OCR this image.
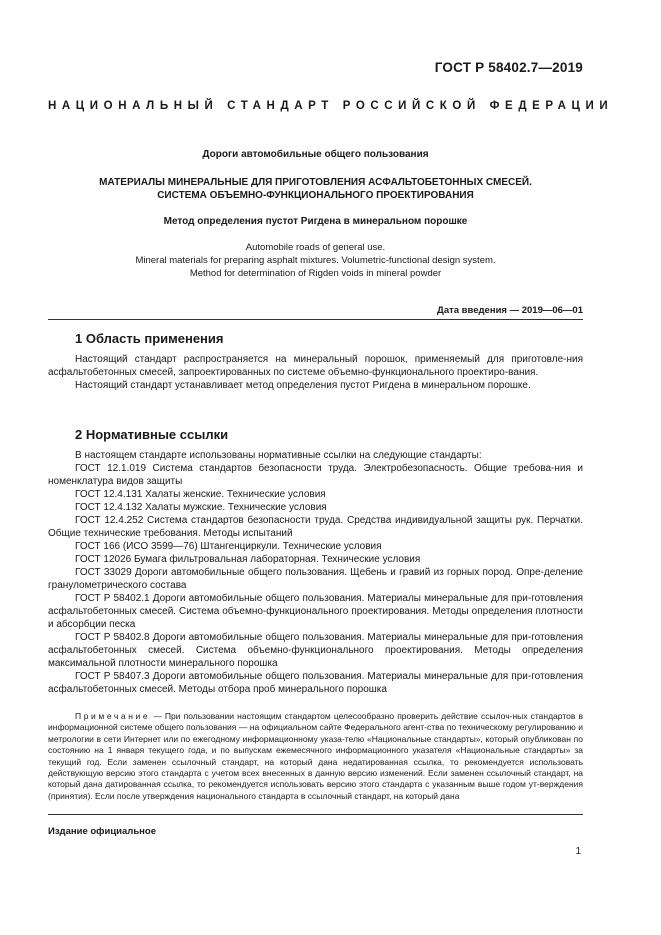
ГОСТ Р 58402.7—2019
НАЦИОНАЛЬНЫЙ СТАНДАРТ РОССИЙСКОЙ ФЕДЕРАЦИИ
Дороги автомобильные общего пользования
МАТЕРИАЛЫ МИНЕРАЛЬНЫЕ ДЛЯ ПРИГОТОВЛЕНИЯ АСФАЛЬТОБЕТОННЫХ СМЕСЕЙ.
СИСТЕМА ОБЪЕМНО-ФУНКЦИОНАЛЬНОГО ПРОЕКТИРОВАНИЯ
Метод определения пустот Ригдена в минеральном порошке
Automobile roads of general use.
Mineral materials for preparing asphalt mixtures. Volumetric-functional design system.
Method for determination of Rigden voids in mineral powder
Дата введения — 2019—06—01
1 Область применения

Настоящий стандарт распространяется на минеральный порошок, применяемый для приготовле-ния асфальтобетонных смесей, запроектированных по системе объемно-функционального проектиро-вания.

Настоящий стандарт устанавливает метод определения пустот Ригдена в минеральном порошке.

2 Нормативные ссылки

В настоящем стандарте использованы нормативные ссылки на следующие стандарты:

ГОСТ 12.1.019 Система стандартов безопасности труда. Электробезопасность. Общие требова-ния и номенклатура видов защиты

ГОСТ 12.4.131 Халаты женские. Технические условия

ГОСТ 12.4.132 Халаты мужские. Технические условия

ГОСТ 12.4.252 Система стандартов безопасности труда. Средства индивидуальной защиты рук. Перчатки. Общие технические требования. Методы испытаний

ГОСТ 166 (ИСО 3599—76) Штангенциркули. Технические условия

ГОСТ 12026 Бумага фильтровальная лабораторная. Технические условия

ГОСТ 33029 Дороги автомобильные общего пользования. Щебень и гравий из горных пород. Опре-деление гранулометрического состава

ГОСТ Р 58402.1 Дороги автомобильные общего пользования. Материалы минеральные для при-готовления асфальтобетонных смесей. Система объемно-функционального проектирования. Методы определения плотности и абсорбции песка

ГОСТ Р 58402.8 Дороги автомобильные общего пользования. Материалы минеральные для при-готовления асфальтобетонных смесей. Система объемно-функционального проектирования. Методы определения максимальной плотности минерального порошка

ГОСТ Р 58407.3 Дороги автомобильные общего пользования. Материалы минеральные для при-готовления асфальтобетонных смесей. Методы отбора проб минерального порошка

Примечание — При пользовании настоящим стандартом целесообразно проверить действие ссылоч-ных стандартов в информационной системе общего пользования — на официальном сайте Федерального агент-ства по техническому регулированию и метрологии в сети Интернет или по ежегодному информационному указа-телю «Национальные стандарты», который опубликован по состоянию на 1 января текущего года, и по выпускам ежемесячного информационного указателя «Национальные стандарты» за текущий год. Если заменен ссылочный стандарт, на который дана недатированная ссылка, то рекомендуется использовать действующую версию этого стандарта с учетом всех внесенных в данную версию изменений. Если заменен ссылочный стандарт, на который дана датированная ссылка, то рекомендуется использовать версию этого стандарта с указанным выше годом ут-верждения (принятия). Если после утверждения национального стандарта в ссылочный стандарт, на который дана

Издание официальное
1
